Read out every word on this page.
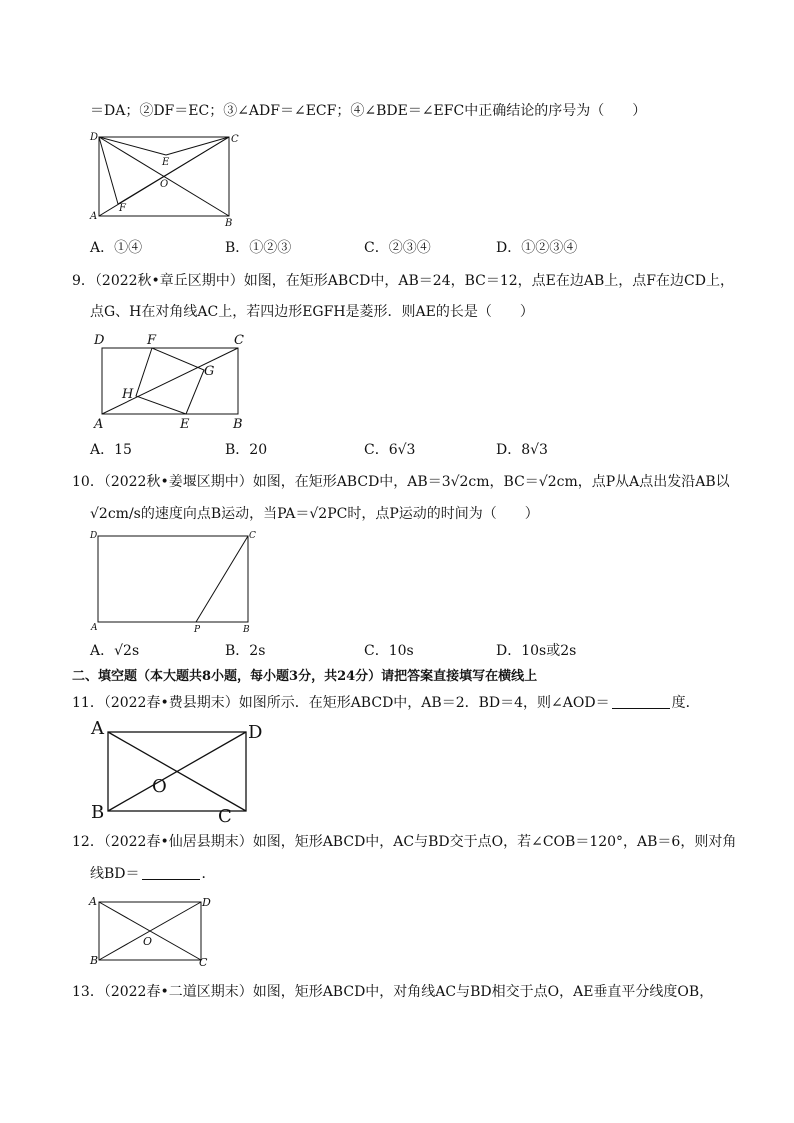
＝DA；②DF＝EC；③∠ADF＝∠ECF；④∠BDE＝∠EFC中正确结论的序号为（　　）
D	C
E
O
A
F
B
A．①④	B．①②③	C．②③④	D．①②③④
9．（2022秋•章丘区期中）如图，在矩形ABCD中，AB＝24，BC＝12，点E在边AB上，点F在边CD上，
点G、H在对角线AC上，若四边形EGFH是菱形．则AE的长是（　　）
D	F	C
G
H
A	E	B
A．15	B．20	C．6√3	D．8√3
10．（2022秋•姜堰区期中）如图，在矩形ABCD中，AB＝3√2cm，BC＝√2cm，点P从A点出发沿AB以
√2cm/s的速度向点B运动，当PA＝√2PC时，点P运动的时间为（　　）
D	C
A	P	B
A．√2s	B．2s	C．10s	D．10s或2s
二、填空题（本大题共8小题，每小题3分，共24分）请把答案直接填写在横线上
11．（2022春•费县期末）如图所示．在矩形ABCD中，AB＝2．BD＝4，则∠AOD＝	度．
A	D
O
B	C
12．（2022春•仙居县期末）如图，矩形ABCD中，AC与BD交于点O，若∠COB＝120°，AB＝6，则对角
线BD＝	．
A	D
O
B	C
13．（2022春•二道区期末）如图，矩形ABCD中，对角线AC与BD相交于点O，AE垂直平分线度OB，
